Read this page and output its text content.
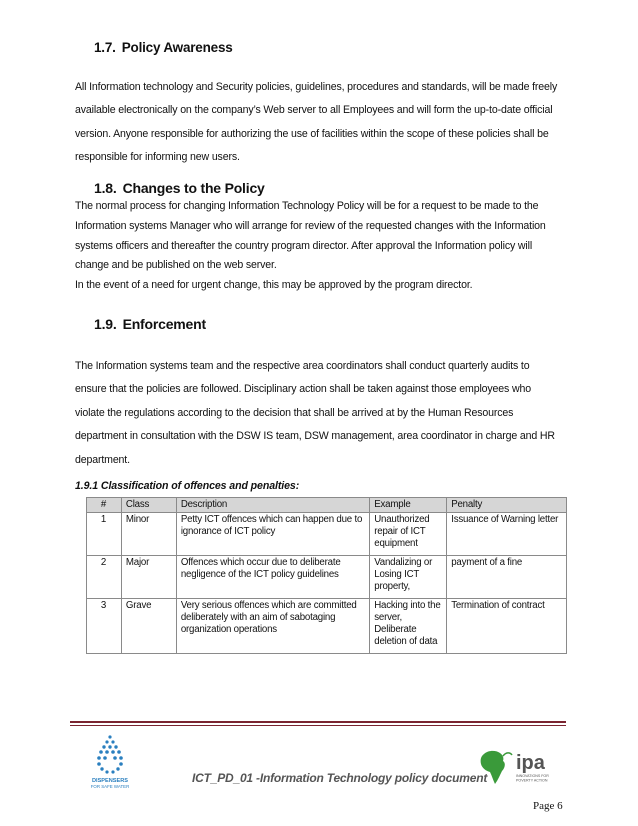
1.7. Policy Awareness

All Information technology and Security policies, guidelines, procedures and standards, will be made freely
available electronically on the company’s Web server to all Employees and will form the up-to-date official
version. Anyone responsible for authorizing the use of facilities within the scope of these policies shall be
responsible for informing new users.

1.8. Changes to the Policy

The normal process for changing Information Technology Policy will be for a request to be made to the
Information systems Manager who will arrange for review of the requested changes with the Information
systems officers and thereafter the country program director. After approval the Information policy will
change and be published on the web server.
In the event of a need for urgent change, this may be approved by the program director.

1.9. Enforcement

The Information systems team and the respective area coordinators shall conduct quarterly audits to
ensure that the policies are followed. Disciplinary action shall be taken against those employees who
violate the regulations according to the decision that shall be arrived at by the Human Resources
department in consultation with the DSW IS team, DSW management, area coordinator in charge and HR
department.

1.9.1 Classification of offences and penalties:
#	Class	Description	Example	Penalty
1	Minor	Petty ICT offences which can happen due to ignorance of ICT policy	Unauthorized repair of ICT equipment	Issuance of Warning letter
2	Major	Offences which occur due to deliberate negligence of the ICT policy guidelines	Vandalizing or Losing ICT property,	payment of a fine
3	Grave	Very serious offences which are committed deliberately with an aim of sabotaging organization operations	Hacking into the server, Deliberate deletion of data	Termination of contract
DISPENSERS
FOR SAFE WATER
ICT_PD_01 -Information Technology policy document
ipa
INNOVATIONS FOR
POVERTY ACTION
Page 6
